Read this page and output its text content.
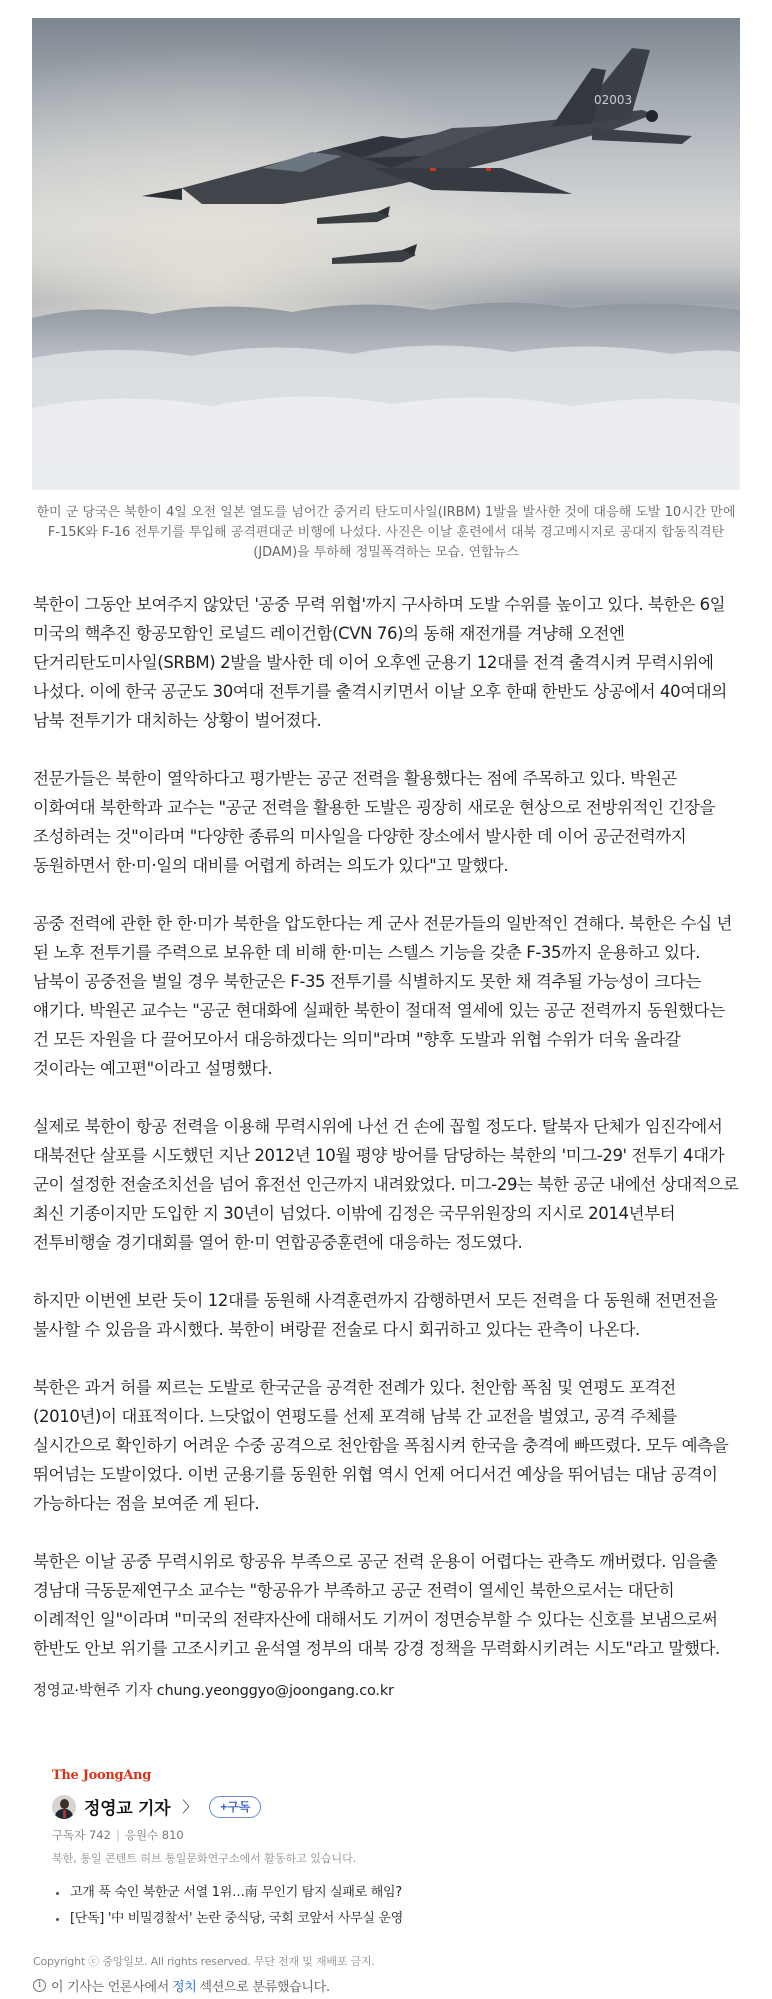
02003
한미 군 당국은 북한이 4일 오전 일본 열도를 넘어간 중거리 탄도미사일(IRBM) 1발을 발사한 것에 대응해 도발 10시간 만에 F-15K와 F-16 전투기를 투입해 공격편대군 비행에 나섰다. 사진은 이날 훈련에서 대북 경고메시지로 공대지 합동직격탄(JDAM)을 투하해 정밀폭격하는 모습. 연합뉴스

북한이 그동안 보여주지 않았던 '공중 무력 위협'까지 구사하며 도발 수위를 높이고 있다. 북한은 6일 미국의 핵추진 항공모함인 로널드 레이건함(CVN 76)의 동해 재전개를 겨냥해 오전엔 단거리탄도미사일(SRBM) 2발을 발사한 데 이어 오후엔 군용기 12대를 전격 출격시켜 무력시위에 나섰다. 이에 한국 공군도 30여대 전투기를 출격시키면서 이날 오후 한때 한반도 상공에서 40여대의 남북 전투기가 대치하는 상황이 벌어졌다.

전문가들은 북한이 열악하다고 평가받는 공군 전력을 활용했다는 점에 주목하고 있다. 박원곤 이화여대 북한학과 교수는 "공군 전력을 활용한 도발은 굉장히 새로운 현상으로 전방위적인 긴장을 조성하려는 것"이라며 "다양한 종류의 미사일을 다양한 장소에서 발사한 데 이어 공군전력까지 동원하면서 한·미·일의 대비를 어렵게 하려는 의도가 있다"고 말했다.

공중 전력에 관한 한 한·미가 북한을 압도한다는 게 군사 전문가들의 일반적인 견해다. 북한은 수십 년 된 노후 전투기를 주력으로 보유한 데 비해 한·미는 스텔스 기능을 갖춘 F-35까지 운용하고 있다. 남북이 공중전을 벌일 경우 북한군은 F-35 전투기를 식별하지도 못한 채 격추될 가능성이 크다는 얘기다. 박원곤 교수는 "공군 현대화에 실패한 북한이 절대적 열세에 있는 공군 전력까지 동원했다는 건 모든 자원을 다 끌어모아서 대응하겠다는 의미"라며 "향후 도발과 위협 수위가 더욱 올라갈 것이라는 예고편"이라고 설명했다.

실제로 북한이 항공 전력을 이용해 무력시위에 나선 건 손에 꼽힐 정도다. 탈북자 단체가 임진각에서 대북전단 살포를 시도했던 지난 2012년 10월 평양 방어를 담당하는 북한의 '미그-29' 전투기 4대가 군이 설정한 전술조치선을 넘어 휴전선 인근까지 내려왔었다. 미그-29는 북한 공군 내에선 상대적으로 최신 기종이지만 도입한 지 30년이 넘었다. 이밖에 김정은 국무위원장의 지시로 2014년부터 전투비행술 경기대회를 열어 한·미 연합공중훈련에 대응하는 정도였다.

하지만 이번엔 보란 듯이 12대를 동원해 사격훈련까지 감행하면서 모든 전력을 다 동원해 전면전을 불사할 수 있음을 과시했다. 북한이 벼랑끝 전술로 다시 회귀하고 있다는 관측이 나온다.

북한은 과거 허를 찌르는 도발로 한국군을 공격한 전례가 있다. 천안함 폭침 및 연평도 포격전(2010년)이 대표적이다. 느닷없이 연평도를 선제 포격해 남북 간 교전을 벌였고, 공격 주체를 실시간으로 확인하기 어려운 수중 공격으로 천안함을 폭침시켜 한국을 충격에 빠뜨렸다. 모두 예측을 뛰어넘는 도발이었다. 이번 군용기를 동원한 위협 역시 언제 어디서건 예상을 뛰어넘는 대남 공격이 가능하다는 점을 보여준 게 된다.

북한은 이날 공중 무력시위로 항공유 부족으로 공군 전력 운용이 어렵다는 관측도 깨버렸다. 임을출 경남대 극동문제연구소 교수는 "항공유가 부족하고 공군 전력이 열세인 북한으로서는 대단히 이례적인 일"이라며 "미국의 전략자산에 대해서도 기꺼이 정면승부할 수 있다는 신호를 보냄으로써 한반도 안보 위기를 고조시키고 윤석열 정부의 대북 강경 정책을 무력화시키려는 시도"라고 말했다.

정영교·박현주 기자 chung.yeonggyo@joongang.co.kr
The JoongAng
정영교 기자 〉	+구독
구독자 742 | 응원수 810
북한, 통일 콘텐트 허브 통일문화연구소에서 활동하고 있습니다.
고개 푹 숙인 북한군 서열 1위…南 무인기 탐지 실패로 해임?
[단독] '中 비밀경찰서' 논란 중식당, 국회 코앞서 사무실 운영
Copyright ⓒ 중앙일보. All rights reserved. 무단 전재 및 재배포 금지.
i 이 기사는 언론사에서 정치 섹션으로 분류했습니다.
